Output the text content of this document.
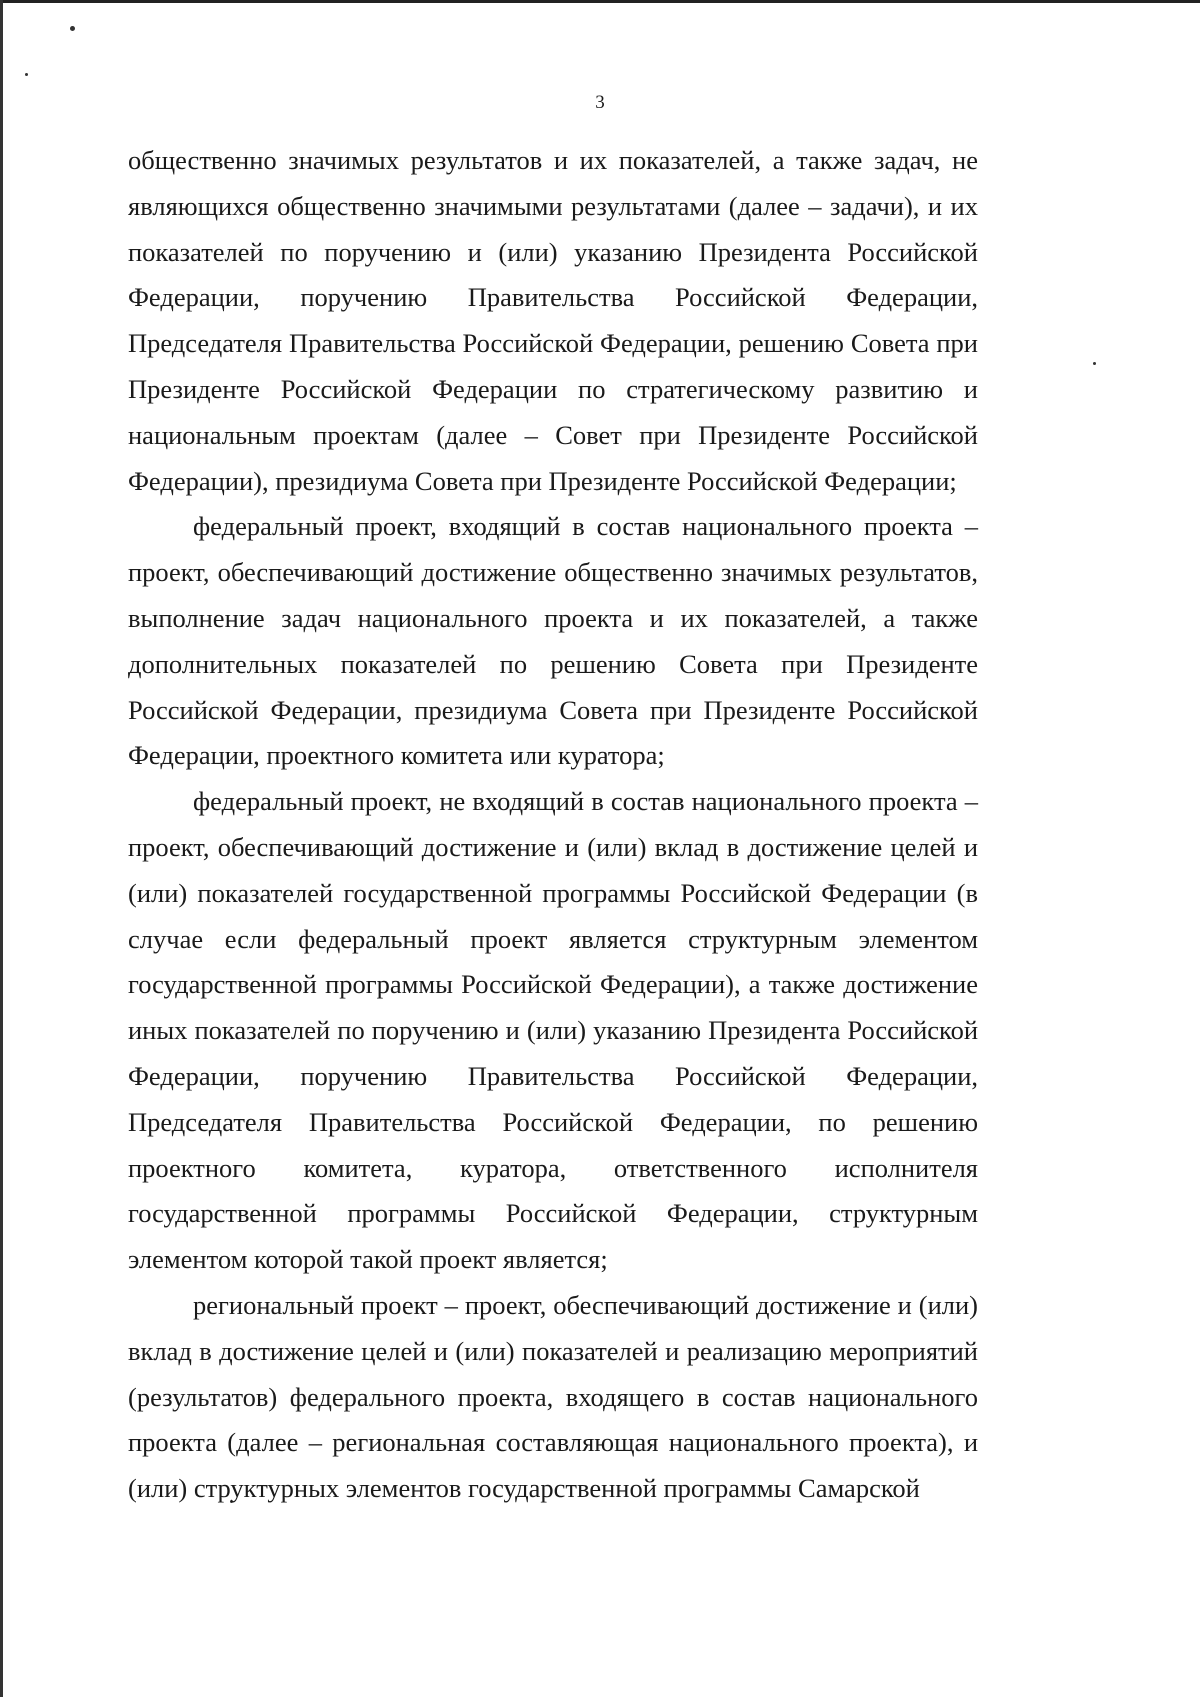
3

общественно значимых результатов и их показателей, а также задач, не являющихся общественно значимыми результатами (далее – задачи), и их показателей по поручению и (или) указанию Президента Российской Федерации, поручению Правительства Российской Федерации, Председателя Правительства Российской Федерации, решению Совета при Президенте Российской Федерации по стратегическому развитию и национальным проектам (далее – Совет при Президенте Российской Федерации), президиума Совета при Президенте Российской Федерации;

федеральный проект, входящий в состав национального проекта – проект, обеспечивающий достижение общественно значимых результатов, выполнение задач национального проекта и их показателей, а также дополнительных показателей по решению Совета при Президенте Российской Федерации, президиума Совета при Президенте Российской Федерации, проектного комитета или куратора;

федеральный проект, не входящий в состав национального проекта – проект, обеспечивающий достижение и (или) вклад в достижение целей и (или) показателей государственной программы Российской Федерации (в случае если федеральный проект является структурным элементом государственной программы Российской Федерации), а также достижение иных показателей по поручению и (или) указанию Президента Российской Федерации, поручению Правительства Российской Федерации, Председателя Правительства Российской Федерации, по решению проектного комитета, куратора, ответственного исполнителя государственной программы Российской Федерации, структурным элементом которой такой проект является;

региональный проект – проект, обеспечивающий достижение и (или) вклад в достижение целей и (или) показателей и реализацию мероприятий (результатов) федерального проекта, входящего в состав национального проекта (далее – региональная составляющая национального проекта), и (или) структурных элементов государственной программы Самарской
